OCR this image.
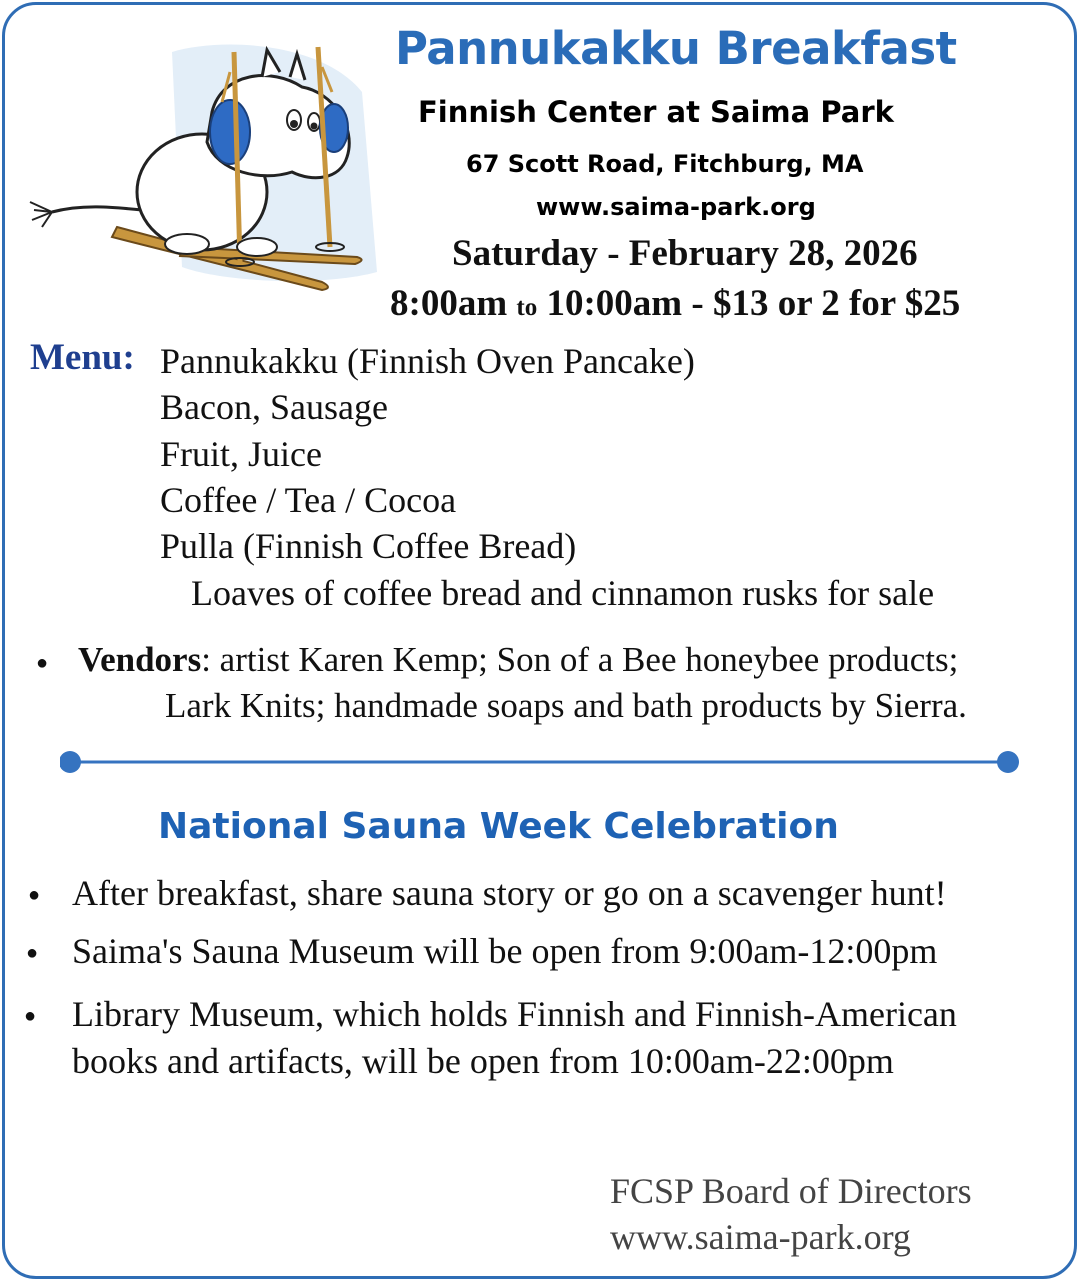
Pannukakku Breakfast
Finnish Center at Saima Park
67 Scott Road, Fitchburg, MA
www.saima-park.org
Saturday - February 28, 2026
8:00am to 10:00am - $13 or 2 for $25
Menu: Pannukakku (Finnish Oven Pancake)
Bacon, Sausage
Fruit, Juice
Coffee / Tea / Cocoa
Pulla (Finnish Coffee Bread)
Loaves of coffee bread and cinnamon rusks for sale
● Vendors: artist Karen Kemp; Son of a Bee honeybee products;
Lark Knits; handmade soaps and bath products by Sierra.
National Sauna Week Celebration
● After breakfast, share sauna story or go on a scavenger hunt!
● Saima's Sauna Museum will be open from 9:00am-12:00pm
● Library Museum, which holds Finnish and Finnish-American
books and artifacts, will be open from 10:00am-22:00pm
FCSP Board of Directors
www.saima-park.org
